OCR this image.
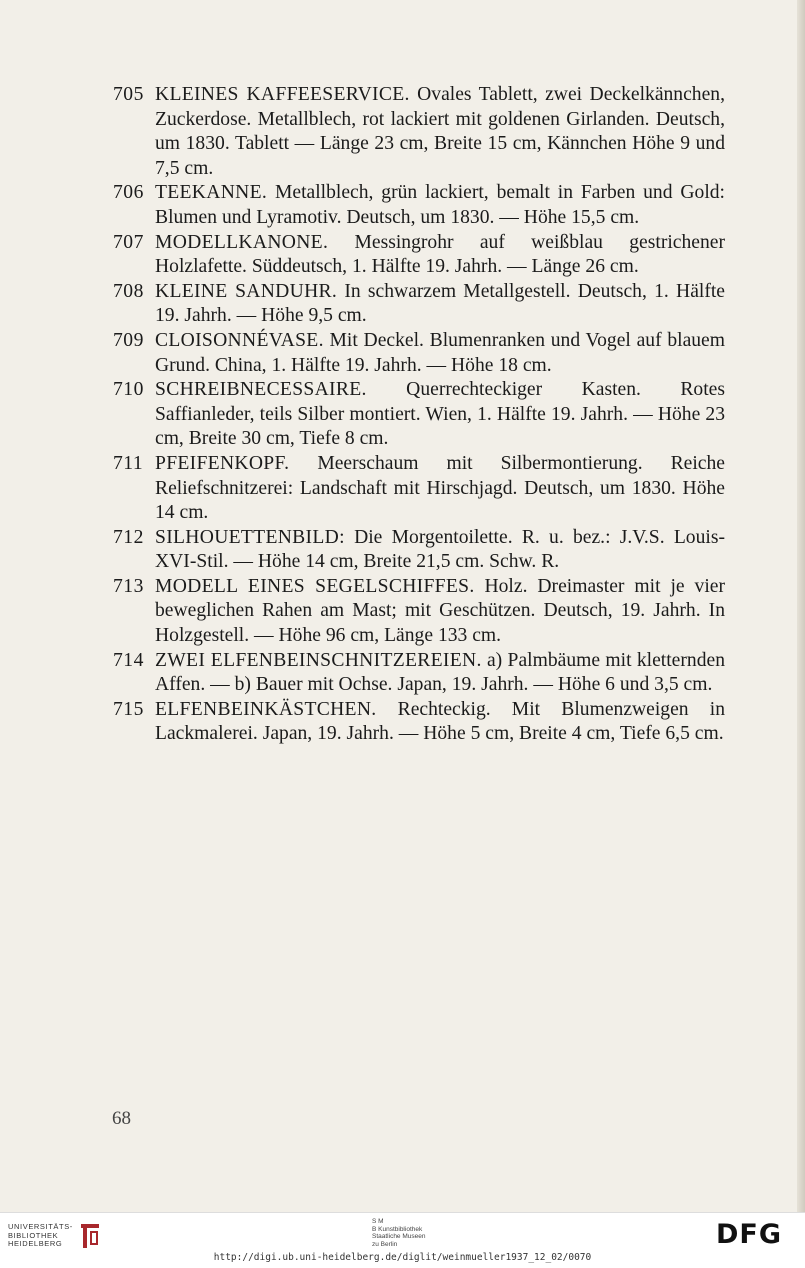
705 KLEINES KAFFEESERVICE. Ovales Tablett, zwei Deckelkännchen, Zuckerdose. Metallblech, rot lackiert mit goldenen Girlanden. Deutsch, um 1830. Tablett — Länge 23 cm, Breite 15 cm, Kännchen Höhe 9 und 7,5 cm.
706 TEEKANNE. Metallblech, grün lackiert, bemalt in Farben und Gold: Blumen und Lyramotiv. Deutsch, um 1830. — Höhe 15,5 cm.
707 MODELLKANONE. Messingrohr auf weißblau gestrichener Holzlafette. Süddeutsch, 1. Hälfte 19. Jahrh. — Länge 26 cm.
708 KLEINE SANDUHR. In schwarzem Metallgestell. Deutsch, 1. Hälfte 19. Jahrh. — Höhe 9,5 cm.
709 CLOISONNÉVASE. Mit Deckel. Blumenranken und Vogel auf blauem Grund. China, 1. Hälfte 19. Jahrh. — Höhe 18 cm.
710 SCHREIBNECESSAIRE. Querrechteckiger Kasten. Rotes Saffianleder, teils Silber montiert. Wien, 1. Hälfte 19. Jahrh. — Höhe 23 cm, Breite 30 cm, Tiefe 8 cm.
711 PFEIFENKOPF. Meerschaum mit Silbermontierung. Reiche Reliefschnitzerei: Landschaft mit Hirschjagd. Deutsch, um 1830. Höhe 14 cm.
712 SILHOUETTENBILD: Die Morgentoilette. R. u. bez.: J.V.S. Louis-XVI-Stil. — Höhe 14 cm, Breite 21,5 cm. Schw. R.
713 MODELL EINES SEGELSCHIFFES. Holz. Dreimaster mit je vier beweglichen Rahen am Mast; mit Geschützen. Deutsch, 19. Jahrh. In Holzgestell. — Höhe 96 cm, Länge 133 cm.
714 ZWEI ELFENBEINSCHNITZEREIEN. a) Palmbäume mit kletternden Affen. — b) Bauer mit Ochse. Japan, 19. Jahrh. — Höhe 6 und 3,5 cm.
715 ELFENBEINKÄSTCHEN. Rechteckig. Mit Blumenzweigen in Lackmalerei. Japan, 19. Jahrh. — Höhe 5 cm, Breite 4 cm, Tiefe 6,5 cm.
68
UNIVERSITÄTS-
BIBLIOTHEK
HEIDELBERG
S M
B Kunstbibliothek
Staatliche Museen
zu Berlin	DFG
http://digi.ub.uni-heidelberg.de/diglit/weinmueller1937_12_02/0070
